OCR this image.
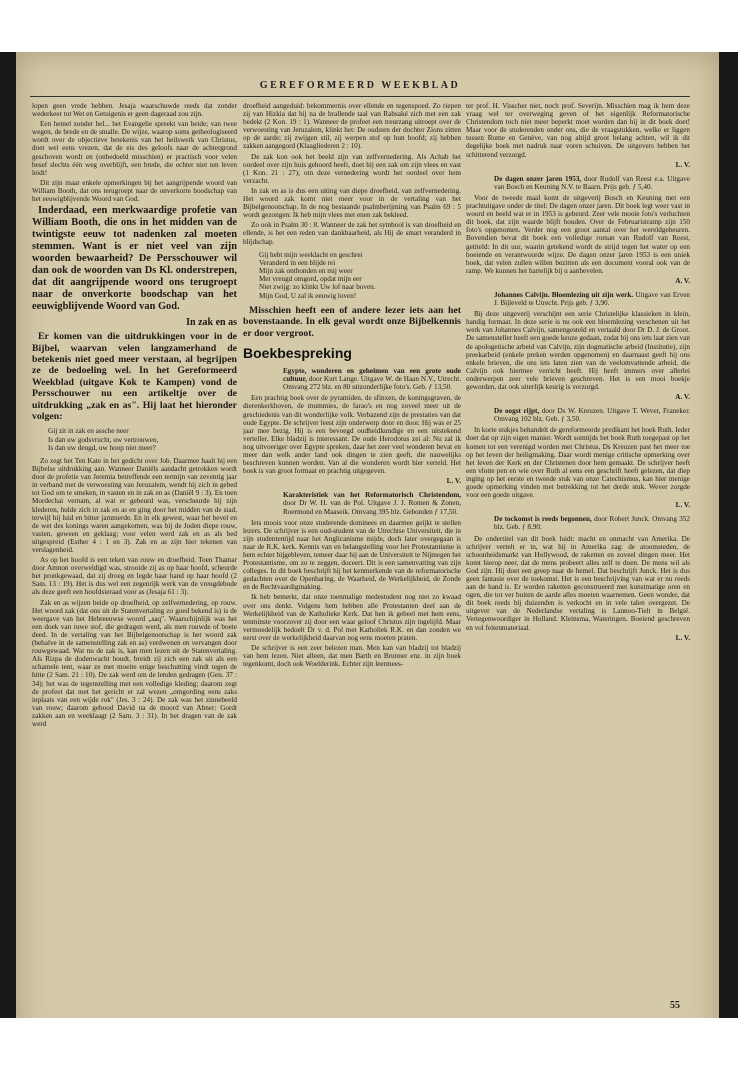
GEREFORMEERD WEEKBLAD

lopen geen vrede hebben. Jesaja waarschuwde reeds dat zonder wederkeer tot Wet en Getuigenis er geen dageraad zou zijn.

Een hemel zonder hel... het Evangelie spreekt van beide; van twee wegen, de brede en de smalle. De wijze, waarop soms getheologiseerd wordt over de objectieve betekenis van het heilswerk van Christus, doet wel eens vrezen, dat de eis des geloofs naar de achtergrond geschoven wordt en (onbedoeld misschien) er practisch voor velen besef slechts één weg overblijft, een brede, die echter niet ten leven leidt!

Dit zijn maar enkele opmerkingen bij het aangrijpende woord van William Booth, dat ons terugroept naar de onverkorte boodschap van het eeuwigblijvende Woord van God.

Inderdaad, een merkwaardige profetie van William Booth, die ons in het midden van de twintigste eeuw tot nadenken zal moeten stemmen. Want is er niet veel van zijn woorden bewaarheid? De Persschouwer wil dan ook de woorden van Ds Kl. onderstrepen, dat dit aangrijpende woord ons terugroept naar de onverkorte boodschap van het eeuwigblijvende Woord van God.

In zak en as

Er komen van die uitdrukkingen voor in de Bijbel, waarvan velen langzamerhand de betekenis niet goed meer verstaan, al begrijpen ze de bedoeling wel. In het Gereformeerd Weekblad (uitgave Kok te Kampen) vond de Persschouwer nu een artikeltje over de uitdrukking „zak en as". Hij laat het hieronder volgen:

Gij zit in zak en assche neer
Is dan uw godsvrucht, uw vertrouwen,
Is dan uw deugd, uw hoop niet meer?

Zo zegt het Ten Kate in het gedicht over Job. Daarmee haalt hij een Bijbelse uitdrukking aan. Wanneer Daniëls aandacht getrokken wordt door de profetie van Jeremia betreffende een termijn van zeventig jaar in verband met de verwoesting van Jeruzalem, wendt hij zich in gebed tot God om te smeken, in vasten en in zak en as (Daniël 9 : 3). En toen Mordechai vernam, al wat er gebeurd was, verscheurde hij zijn klederen, hulde zich in zak en as en ging door het midden van de stad, terwijl hij luid en bitter jammerde. En in elk gewest, waar het bevel en de wet des konings waren aangekomen, was bij de Joden diepe rouw, vasten, geween en geklaag; voor velen werd zak en as als bed uitgespreid (Esther 4 : 1 en 3). Zak en as zijn hier tekenen van verslagenheid.

As op het hoofd is een teken van rouw en droefheid. Toen Thamar door Amnon overweldigd was, strooide zij as op haar hoofd, scheurde het pronkgewaad, dat zij droeg en legde haar hand op haar hoofd (2 Sam. 13 : 19). Het is dus wel een zegenrijk werk van de vreugdebode als deze geeft een hoofdsieraad voor as (Jesaja 61 : 3).

Zak en as wijzen beide op droefheid, op zelfvernedering, op rouw. Het woord zak (dat ons uit de Statenvertaling zo goed bekend is) is de weergave van het Hebreeuwse woord „saq". Waarschijnlijk was het een doek van ruwe stof, die gedragen werd, als men rouwde of boete deed. In de vertaling van het Bijbelgenootschap is het woord zak (behalve in de samenstelling zak en as) verdwenen en vervangen door rouwgewaad. Wat nu de zak is, kan men lezen uit de Statenvertaling. Als Rizpa de dodenwacht houdt, breidt zij zich een zak uit als een schamele tent, waar ze met moeite enige beschutting vindt tegen de hitte (2 Sam. 21 : 10). De zak werd om de lenden gedragen (Gen. 37 : 34); het was de tegenstelling met een volledige kleding; daarom zegt de profeet dat met het gericht er zal wezen „omgording eens zaks inplaats van een wijde rok" (Jes. 3 : 24). De zak was het zinnebeeld van rouw; daarom gebood David na de moord van Abner: Gordt zakken aan en weeklaagt (2 Sam. 3 : 31). In het dragen van de zak werd

droefheid aangeduid: bekommernis over ellende en tegenspoed. Zo riepen zij van Hizkia dat hij na de brallende taal van Rabsaké zich met een zak bedekt (2 Kon. 19 : 1). Wanneer de profeet een treurzang uitroept over de verwoesting van Jeruzalem, klinkt het: De oudsten der dochter Zions zitten op de aarde; zij zwijgen stil, zij werpen stof op hun hoofd; zij hebben zakken aangegord (Klaagliederen 2 : 10).

De zak kon ook het beeld zijn van zelfvernedering. Als Achab het oordeel over zijn huis gehoord heeft, doet hij een zak om zijn vlees en vast (1 Kon. 21 : 27); om deze vernedering wordt het oordeel over hem verzacht.

In zak en as is dus een uiting van diepe droefheid, van zelfvernedering. Het woord zak komt niet meer voor in de vertaling van het Bijbelgenootschap. In de nog bestaande psalmberijming van Psalm 69 : 5 wordt gezongen: Ik heb mijn vlees met enen zak bekleed.

Zo ook in Psalm 30 : 8. Wanneer de zak het symbool is van droefheid en ellende, is het een reden van dankbaarheid, als Hij de smart veranderd in blijdschap.

Gij hebt mijn weeklacht en geschrei
Veranderd in een blijde rei
Mijn zak ontbonden en mij weer
Met vreugd omgord, opdat mijn eer
Niet zwijg: zo klinkt Uw lof naar boven.
Mijn God, U zal ik eeuwig loven!

Misschien heeft een of andere lezer iets aan het bovenstaande. In elk geval wordt onze Bijbelkennis er door vergroot.

Boekbespreking
Egypte, wonderen en geheimen van een grote oude cultuur, door Kurt Lange. Uitgave W. de Haan N.V., Utrecht. Omvang 272 blz. en 80 uitzonderlijke foto's. Geb. ƒ 13,50.

Een prachtig boek over de pyramiden, de sfinxen, de koningsgraven, de dierenkerkhoven, de mummies, de farao's en nog zoveel meer uit de geschiedenis van dit wonderlijke volk. Verbazend zijn de prestaties van dat oude Egypte. De schrijver leest zijn onderwerp door en door. Hij was er 25 jaar mee bezig. Hij is een bevoegd oudheidkundige en een uitstekend verteller. Elke bladzij is interessant. De oude Herodotus zei al: Nu zal ik nog uitvoeriger over Egypte spreken, daar het zeer veel wonderen bevat en meer dan welk ander land ook dingen te zien geeft, die nauwelijks beschreven kunnen worden. Van al die wonderen wordt hier verteld. Het boek is van groot formaat en prachtig uitgegeven.

L. V.
Karakteristiek van het Reformatorisch Christendom, door Dr W. H. van de Pol. Uitgave J. J. Romen & Zonen, Roermond en Maaseik. Omvang 395 blz. Gebonden ƒ 17,50.

Iets moois voor onze studerende dominees en daarmee geijkt te stellen lezers. De schrijver is een oud-student van de Utrechtse Universiteit, die in zijn studententijd naar het Anglicanisme mijde, doch later overgegaan is naar de R.K. kerk. Kennis van en belangstelling voor het Protestantisme is hem echter bijgebleven, temeer daar hij aan de Universiteit te Nijmegen het Protestantisme, om zo te zeggen, doceert. Dit is een samenvatting van zijn colleges. In dit boek beschrijft hij het kenmerkende van de reformatorische gedachten over de Openbaring, de Waarheid, de Werkelijkheid, de Zonde en de Rechtvaardigmaking.

Ik heb bemerkt, dat onze toenmalige medestudent nog niet zo kwaad over ons denkt. Volgens hem hebben alle Protestanten deel aan de Werkelijkheid van de Katholieke Kerk. Dat hen ik gebeel met hem eens, tenminste voorzover zij door een waar geloof Christus zijn ingelijfd. Maar vermoedelijk bedoelt Dr v. d. Pol met Katholiek R.K. en dan zouden we eerst over de werkelijkheid daarvan nog eens moeten praten.

De schrijver is een zeer belezen man. Men kan van bladzij tot bladzij van hem lezen. Niet alleen, dat men Barth en Brunner enz. in zijn boek tegenkomt, doch ook Woelderink. Echter zijn leermees-

ter prof. H. Visscher niet, noch prof. Severijn. Misschien mag ik hem deze vraag wel ter overweging geven of het eigenlijk Reformatorische Christendom toch niet meer beperkt moet worden dan hij in dit boek doet! Maar voor de studerenden onder ons, die de vraagstukken, welke er liggen tussen Rome en Genève, van nog altijd groot belang achten, wil ik dit degelijke boek met nadruk naar voren schuiven. De uitgevers hebben het schitterend verzorgd.

L. V.
De dagen onzer jaren 1953, door Rudolf van Reest e.a. Uitgave van Bosch en Keuning N.V. te Baarn. Prijs geb. ƒ 5,40.

Voor de tweede maal komt de uitgeverij Bosch en Keuning met een prachtuitgave onder de titel: De dagen onzer jaren. Dit boek legt weer vast in woord en beeld wat er in 1953 is gebeurd. Zeer vele mooie foto's verluchten dit boek, dat zijn waarde blijft houden. Over de Februaristramp zijn 150 foto's opgenomen. Verder nog een groot aantal over het wereldgebeuren. Bovendien bevat dit boek een volledige roman van Rudolf van Reest, getiteld: In dit uur, waarin getekend wordt de strijd tegen het water op een boeiende en verantwoorde wijze. De dagen onzer jaren 1953 is een uniek boek, dat velen zullen willen bezitten als een document vooral ook van de ramp. We kunnen het hartelijk bij u aanbevelen.

A. V.
Johannes Calvijn. Bloemlezing uit zijn werk. Uitgave van Erven J. Bijleveld te Utrecht. Prijs geb. ƒ 3,90.

Bij deze uitgeverij verschijnt een serie Christelijke klassieken in klein, handig formaat. In deze serie is nu ook een bloemlezing verschenen uit het werk van Johannes Calvijn, samengesteld en vertaald door Dr D. J. de Groot. De samensteller heeft een goede keuze gedaan, zodat bij ons iets laat zien van de apologetische arbeid van Calvijn, zijn dogmatische arbeid (Institutie), zijn preekarbeid (enkele preken werden opgenomen) en daarnaast geeft hij ons enkele brieven, die ons iets laten zien van de veelomvattende arbeid, die Calvijn ook hiermee verricht heeft. Hij heeft immers over allerlei onderwerpen zeer vele brieven geschreven. Het is een mooi boekje geworden, dat ook uiterlijk keurig is verzorgd.

A. V.
De oogst rijpt, door Ds W. Kreuzen. Uitgave T. Wever, Franeker. Omvang 102 blz. Geb. ƒ 3,50.

In korte stukjes behandelt de gereformeerde predikant het boek Ruth. Ieder doet dat op zijn eigen manier. Wordt somtijds het boek Ruth toegepast op het komen tot een verenigd worden met Christus, Ds Kreuzen past het meer toe op het leven der heiligmaking. Daar wordt menige critische opmerking over het leven der Kerk en der Christenen door hem gemaakt. De schrijver heeft een vlotte pen en wie over Ruth al eens een geschrift heeft gelezen, dat diep inging op het eerste en tweede stuk van onze Catechismus, kan hier menige goede opmerking vinden met betrekking tot het derde stuk. Wever zorgde voor een goede uitgave.

L. V.
De tockomst is reeds begonnen, door Robert Junck. Omvang 352 blz. Geb. ƒ 8,90.

De ondertitel van dit boek luidt: macht en onmacht van Amerika. De schrijver vertelt er in, wat hij in Amerika zag: de atoomsteden, de schoonheidsmarkt van Hollywood, de raketten en zoveel dingen meer. Het komt hierop neer, dat de mens probeert alles zelf te doen. De mens wil als God zijn. Hij doet een greep naar de hemel. Dat beschrijft Junck. Het is dus geen fantasie over de toekomst. Het is een beschrijving van wat er nu reeds aan de hand is. Er worden raketten geconstrueerd met kunstmatige oren en ogen, die tot ver buiten de aarde alles moeten waarnemen. Geen wonder, dat dit boek reeds bij duizenden is verkocht en in vele talen overgezet. De uitgever van de Nederlandse vertaling is Lannoo-Tielt in België. Vertegenwoordiger in Holland. Kleinsma, Wateringen. Boeiend geschreven en vol feitenmateriaal.

L. V.
55
